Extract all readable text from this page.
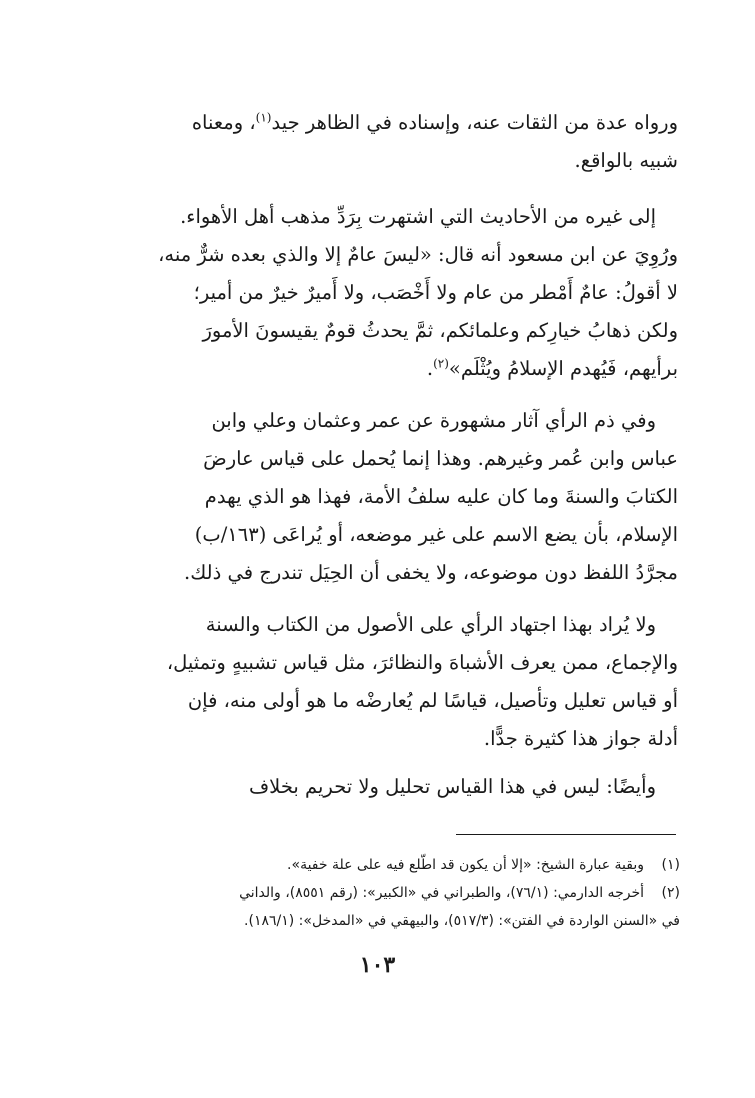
ورواه عدة من الثقات عنه، وإسناده في الظاهر جيد$^{(١)}$، ومعناه
شبيه بالواقع.

إلى غيره من الأحاديث التي اشتهرت بِرَدِّ مذهب أهل الأهواء.
ورُوِيَ عن ابن مسعود أنه قال: «ليسَ عامٌ إلا والذي بعده شرٌّ منه،
لا أقولُ: عامٌ أَمْطر من عام ولا أَخْصَب، ولا أَميرٌ خيرٌ من أمير؛
ولكن ذهابُ خيارِكم وعلمائكم، ثمَّ يحدثُ قومٌ يقيسونَ الأمورَ
برأيهم، فَيُهدم الإسلامُ ويُثْلَم»$^{(٢)}$.

وفي ذم الرأي آثار مشهورة عن عمر وعثمان وعلي وابن
عباس وابن عُمر وغيرهم. وهذا إنما يُحمل على قياس عارضَ
الكتابَ والسنةَ وما كان عليه سلفُ الأمة، فهذا هو الذي يهدم
الإسلام، بأن يضع الاسم على غير موضعه، أو يُراعَى (١٦٣/ب)
مجرَّدُ اللفظ دون موضوعه، ولا يخفى أن الحِيَل تندرج في ذلك.

ولا يُراد بهذا اجتهاد الرأي على الأصول من الكتاب والسنة
والإجماع، ممن يعرف الأشباهَ والنظائرَ، مثل قياس تشبيهٍ وتمثيل،
أو قياس تعليل وتأصيل، قياسًا لم يُعارضْه ما هو أولى منه، فإن
أدلة جواز هذا كثيرة جدًّا.

وأيضًا: ليس في هذا القياس تحليل ولا تحريم بخلاف

(١)وبقية عبارة الشيخ: «إلا أن يكون قد اطّلع فيه على علة خفية».
(٢)أخرجه الدارمي: (٧٦/١)، والطبراني في «الكبير»: (رقم ٨٥٥١)، والداني
في «السنن الواردة في الفتن»: (٥١٧/٣)، والبيهقي في «المدخل»: (١٨٦/١).
١٠٣
